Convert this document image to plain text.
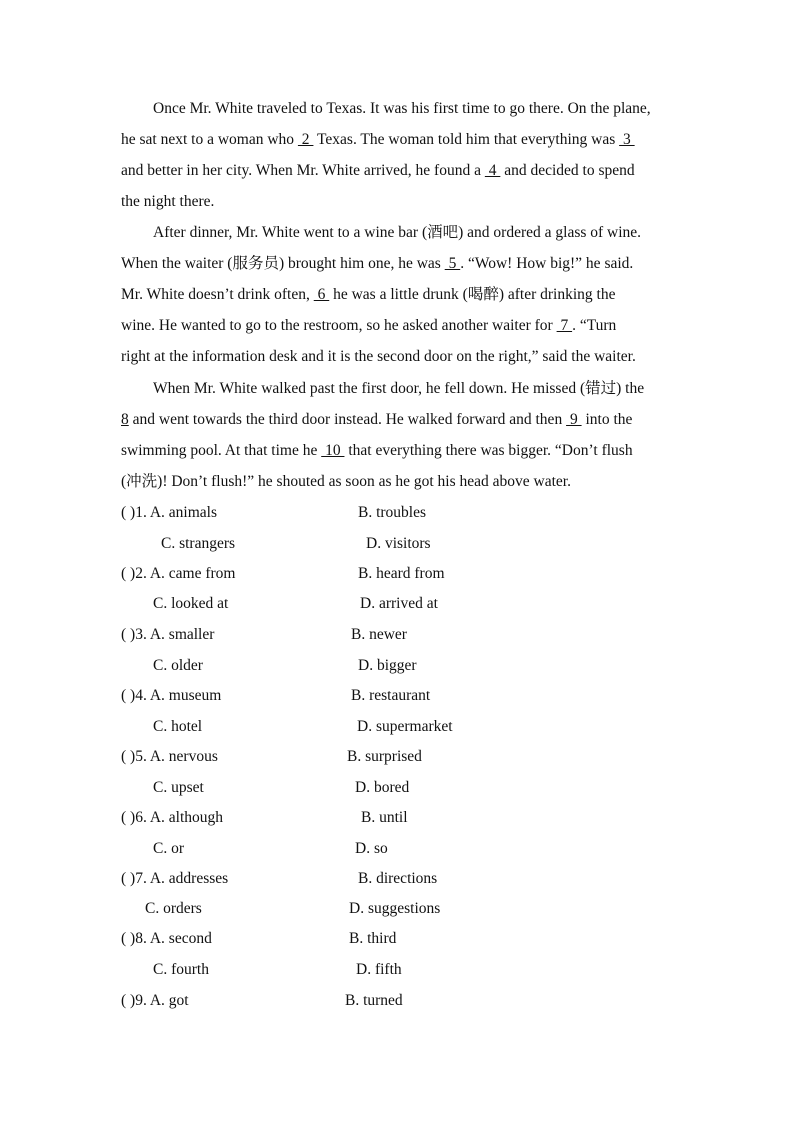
Once Mr. White traveled to Texas. It was his first time to go there. On the plane,
he sat next to a woman who  2  Texas. The woman told him that everything was  3
and better in her city. When Mr. White arrived, he found a  4  and decided to spend
the night there.
After dinner, Mr. White went to a wine bar (酒吧) and ordered a glass of wine.
When the waiter (服务员) brought him one, he was  5 . “Wow! How big!” he said.
Mr. White doesn’t drink often,  6  he was a little drunk (喝醉) after drinking the
wine. He wanted to go to the restroom, so he asked another waiter for  7 . “Turn
right at the information desk and it is the second door on the right,” said the waiter.
When Mr. White walked past the first door, he fell down. He missed (错过) the
8 and went towards the third door instead. He walked forward and then  9  into the
swimming pool. At that time he  10  that everything there was bigger. “Don’t flush
(冲洗)! Don’t flush!” he shouted as soon as he got his head above water.
( )1. A. animals	B. troubles
C. strangers	D. visitors
( )2. A. came from	B. heard from
C. looked at	D. arrived at
( )3. A. smaller	B. newer
C. older	D. bigger
( )4. A. museum	B. restaurant
C. hotel	D. supermarket
( )5. A. nervous	B. surprised
C. upset	D. bored
( )6. A. although	B. until
C. or	D. so
( )7. A. addresses	B. directions
C. orders	D. suggestions
( )8. A. second	B. third
C. fourth	D. fifth
( )9. A. got	B. turned
